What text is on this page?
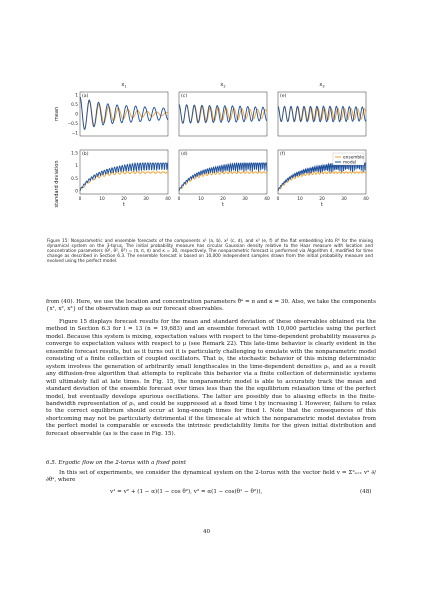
$x_1$	$x_2$	$x_3$
mean
standard deviation
(a)
1
0.5
0
−0.5
−1
(c)	(e)
(b)
1.5
1
0.5
0
0	10	20	30	40
t
(d)
0	10	20	30	40
t
(f)
0	10	20	30	40
t
ensemble
model
Figure 15: Nonparametric and ensemble forecasts of the components x¹ (a, b), x² (c, d), and x³ (e, f) of the flat embedding into R⁶ for the mixing dynamical system on the 3-torus. The initial probability measure has circular Gaussian density relative to the Haar measure with location and concentration parameters (θ̄¹, θ̄², θ̄³) = (π, π, π) and κ = 30, respectively. The nonparametric forecast is performed via Algorithm 4, modified for time change as described in Section 6.3. The ensemble forecast is based on 10,000 independent samples drawn from the initial probability measure and evolved using the perfect model.
from (40). Here, we use the location and concentration parameters θ̄ᵃ = π and κ = 30. Also, we take the components {x¹, x², x³} of the observation map as our forecast observables.
Figure 15 displays forecast results for the mean and standard deviation of these observables obtained via the method in Section 6.3 for l = 13 (n = 19,683) and an ensemble forecast with 10,000 particles using the perfect model. Because this system is mixing, expectation values with respect to the time-dependent probability measures ρₜ converge to expectation values with respect to μ (see Remark 22). This late-time behavior is clearly evident in the ensemble forecast results, but as it turns out it is particularly challenging to emulate with the nonparametric model consisting of a finite collection of coupled oscillators. That is, the stochastic behavior of this mixing deterministic system involves the generation of arbitrarily small lengthscales in the time-dependent densities ρₜ, and as a result any diffusion-free algorithm that attempts to replicate this behavior via a finite collection of deterministic systems will ultimately fail at late times. In Fig. 15, the nonparametric model is able to accurately track the mean and standard deviation of the ensemble forecast over times less than the the equilibrium relaxation time of the perfect model, but eventually develops spurious oscillations. The latter are possibly due to aliasing effects in the finite-bandwidth representation of ρₜ, and could be suppressed at a fixed time t by increasing l. However, failure to relax to the correct equilibrium should occur at long-enough times for fixed l. Note that the consequences of this shortcoming may not be particularly detrimental if the timescale at which the nonparametric model deviates from the perfect model is comparable or exceeds the intrinsic predictability limits for the given initial distribution and forecast observable (as is the case in Fig. 15).
6.5. Ergodic flow on the 2-torus with a fixed point
In this set of experiments, we consider the dynamical system on the 2-torus with the vector field v = Σ²ₐ₌₁ vᵃ ∂/∂θᵃ, where
v¹ = v² + (1 − α)(1 − cos θ²), v² = α(1 − cos(θ¹ − θ²)),	(48)
40
